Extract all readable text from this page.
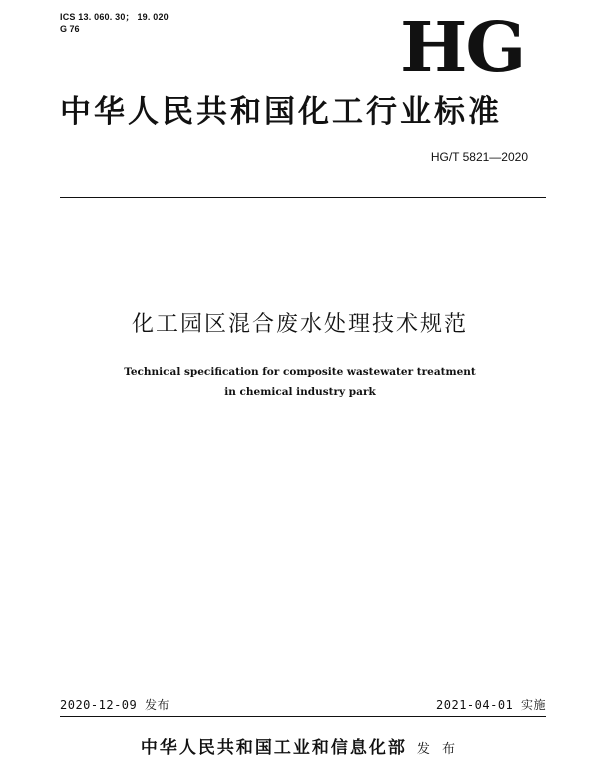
ICS 13. 060. 30； 19. 020
G 76	HG
中华人民共和国化工行业标准
HG/T 5821—2020
化工园区混合废水处理技术规范
Technical specification for composite wastewater treatment
in chemical industry park
2020-12-09 发布	2021-04-01 实施
中华人民共和国工业和信息化部 发 布
